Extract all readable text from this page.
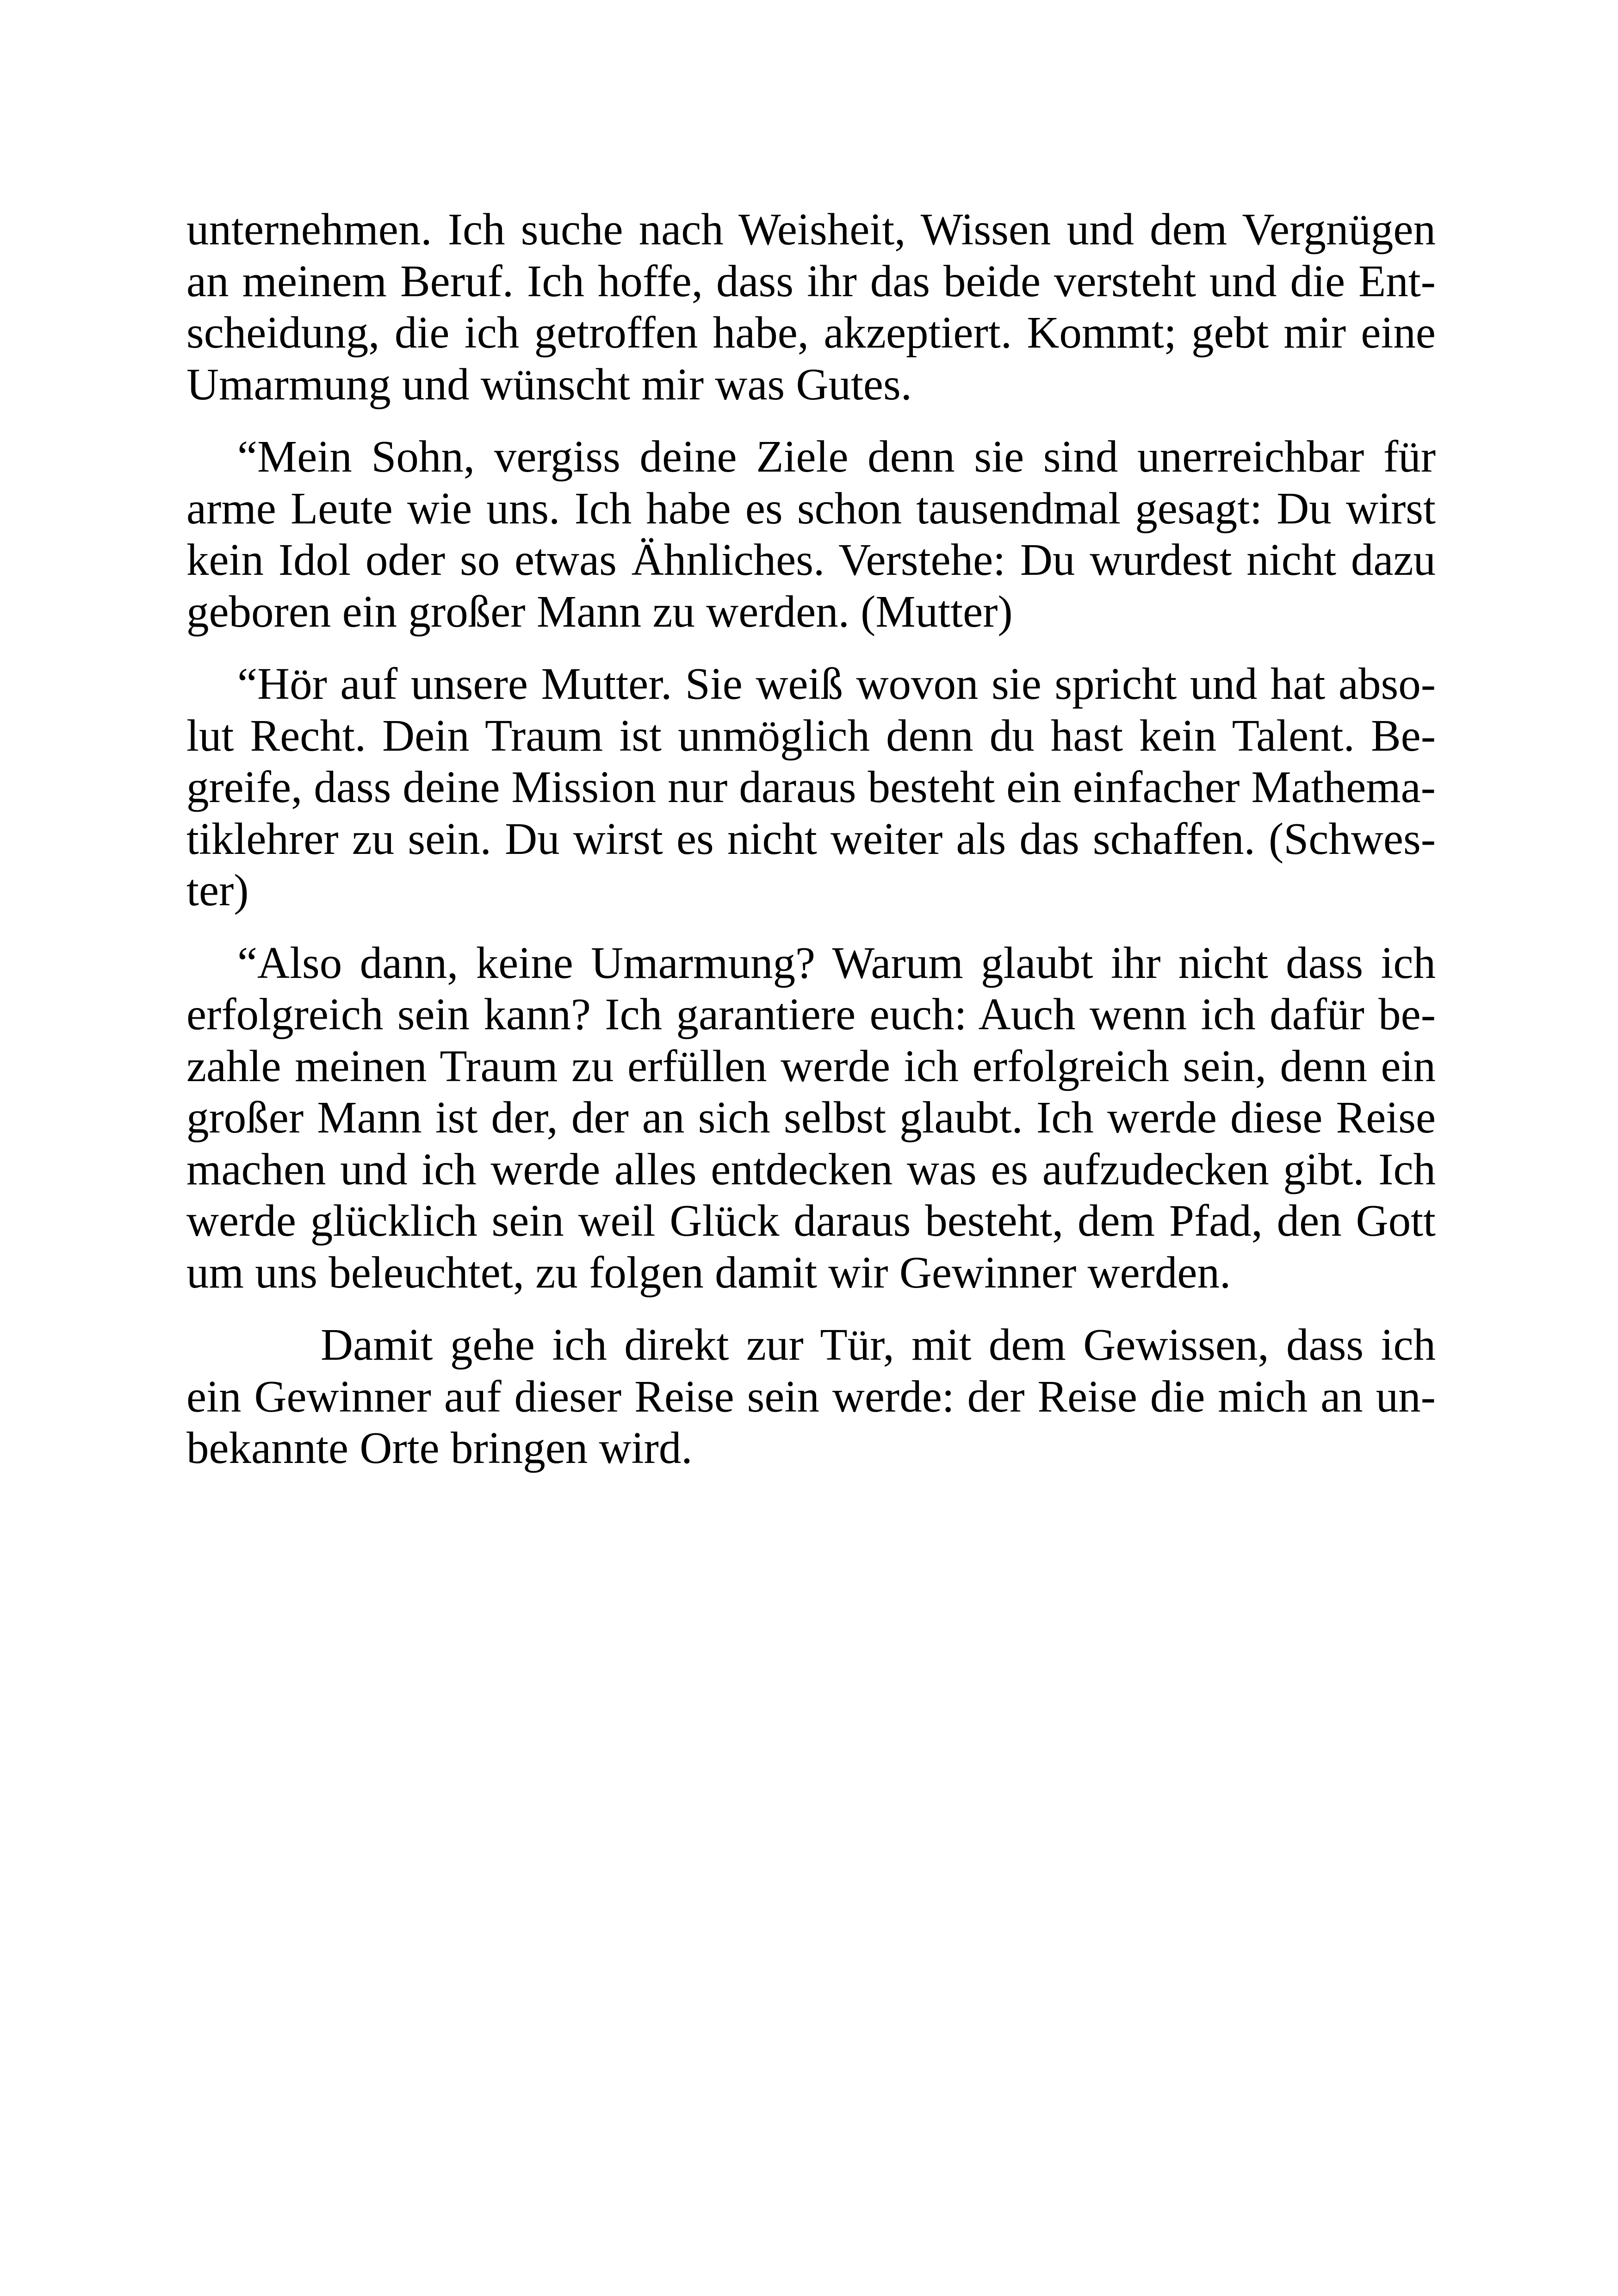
unternehmen. Ich suche nach Weisheit, Wissen und dem Vergnügen
an meinem Beruf. Ich hoffe, dass ihr das beide versteht und die Ent-
scheidung, die ich getroffen habe, akzeptiert. Kommt; gebt mir eine
Umarmung und wünscht mir was Gutes.
“Mein Sohn, vergiss deine Ziele denn sie sind unerreichbar für
arme Leute wie uns. Ich habe es schon tausendmal gesagt: Du wirst
kein Idol oder so etwas Ähnliches. Verstehe: Du wurdest nicht dazu
geboren ein großer Mann zu werden. (Mutter)
“Hör auf unsere Mutter. Sie weiß wovon sie spricht und hat abso-
lut Recht. Dein Traum ist unmöglich denn du hast kein Talent. Be-
greife, dass deine Mission nur daraus besteht ein einfacher Mathema-
tiklehrer zu sein. Du wirst es nicht weiter als das schaffen. (Schwes-
ter)
“Also dann, keine Umarmung? Warum glaubt ihr nicht dass ich
erfolgreich sein kann? Ich garantiere euch: Auch wenn ich dafür be-
zahle meinen Traum zu erfüllen werde ich erfolgreich sein, denn ein
großer Mann ist der, der an sich selbst glaubt. Ich werde diese Reise
machen und ich werde alles entdecken was es aufzudecken gibt. Ich
werde glücklich sein weil Glück daraus besteht, dem Pfad, den Gott
um uns beleuchtet, zu folgen damit wir Gewinner werden.
Damit gehe ich direkt zur Tür, mit dem Gewissen, dass ich
ein Gewinner auf dieser Reise sein werde: der Reise die mich an un-
bekannte Orte bringen wird.
